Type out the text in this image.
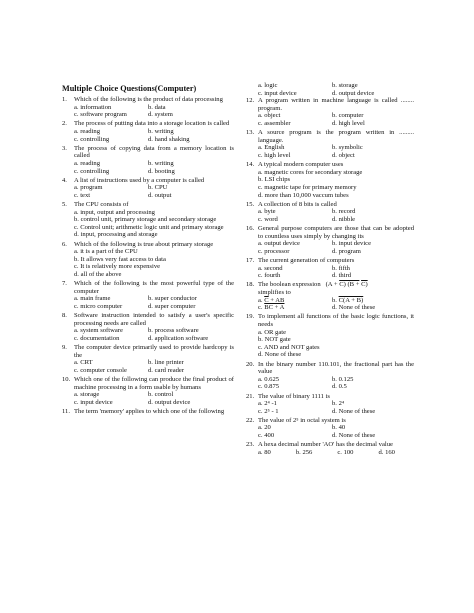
Multiple Choice Questions(Computer)
1. Which of the following is the product of data processing
a. information	b. data
c. software program	d. system
2. The process of putting data into a storage location is called
a. reading	b. writing
c. controlling	d. hand shaking
3. The process of copying data from a memory location is called
a. reading	b. writing
c. controlling	d. booting
4. A list of instructions used by a computer is called
a. program	b. CPU
c. text	d. output
5. The CPU consists of
a. input, output and processing
b. control unit, primary storage and secondary storage
c. Control unit; arithmetic logic unit and primary storage
d. input, processing and storage
6. Which of the following is true about primary storage
a. it is a part of the CPU
b. It allows very fast access to data
c. It is relatively more expensive
d. all of the above
7. Which of the following is the most powerful type of the computer
a. main frame	b. super conductor
c. micro computer	d. super computer
8. Software instruction intended to satisfy a user's specific processing needs are called
a. system software	b. process software
c. documentation	d. application software
9. The computer device primarily used to provide hardcopy is the
a. CRT	b. line printer
c. computer console	d. card reader
10. Which one of the following can produce the final product of machine processing in a form usable by humans
a. storage	b. control
c. input device	d. output device
11. The term 'memory' applies to which one of the following
a. logic	b. storage
c. input device	d. output device
12. A program written in machine language is called ........ program.
a. object	b. computer
c. assembler	d. high level
13. A source program is the program written in ......... language.
a. English	b. symbolic
c. high level	d. object
14. A typical modern computer uses
a. magnetic cores for secondary storage
b. LSI chips
c. magnetic tape for primary memory
d. more than 10,000 vaccum tubes
15. A collection of 8 bits is called
a. byte	b. record
c. word	d. nibble
16. General purpose computers are those that can be adopted to countless uses simply by changing its
a. output device	b. input device
c. processor	d. program
17. The current generation of computers
a. second	b. fifth
c. fourth	d. third
18. The boolean expression (A + C) (B + C)
simplifies to
a. $\overline{C}$ + AB	b. C(A + B)
c. BC + A	d. None of these
19. To implement all functions of the basic logic functions, it needs
a. OR gate
b. NOT gate
c. AND and NOT gates
d. None of these
20. In the binary number 110.101, the fractional part has the value
a. 0.625	b. 0.125
c. 0.875	d. 0.5
21. The value of binary 1111 is
a. 2⁴ -1	b. 2⁴
c. 2⁵ - 1	d. None of these
22. The value of 2⁵ in octal system is
a. 20	b. 40
c. 400	d. None of these
23. A hexa decimal number 'AO' has the decimal value
a. 80	b. 256	c. 100	d. 160
